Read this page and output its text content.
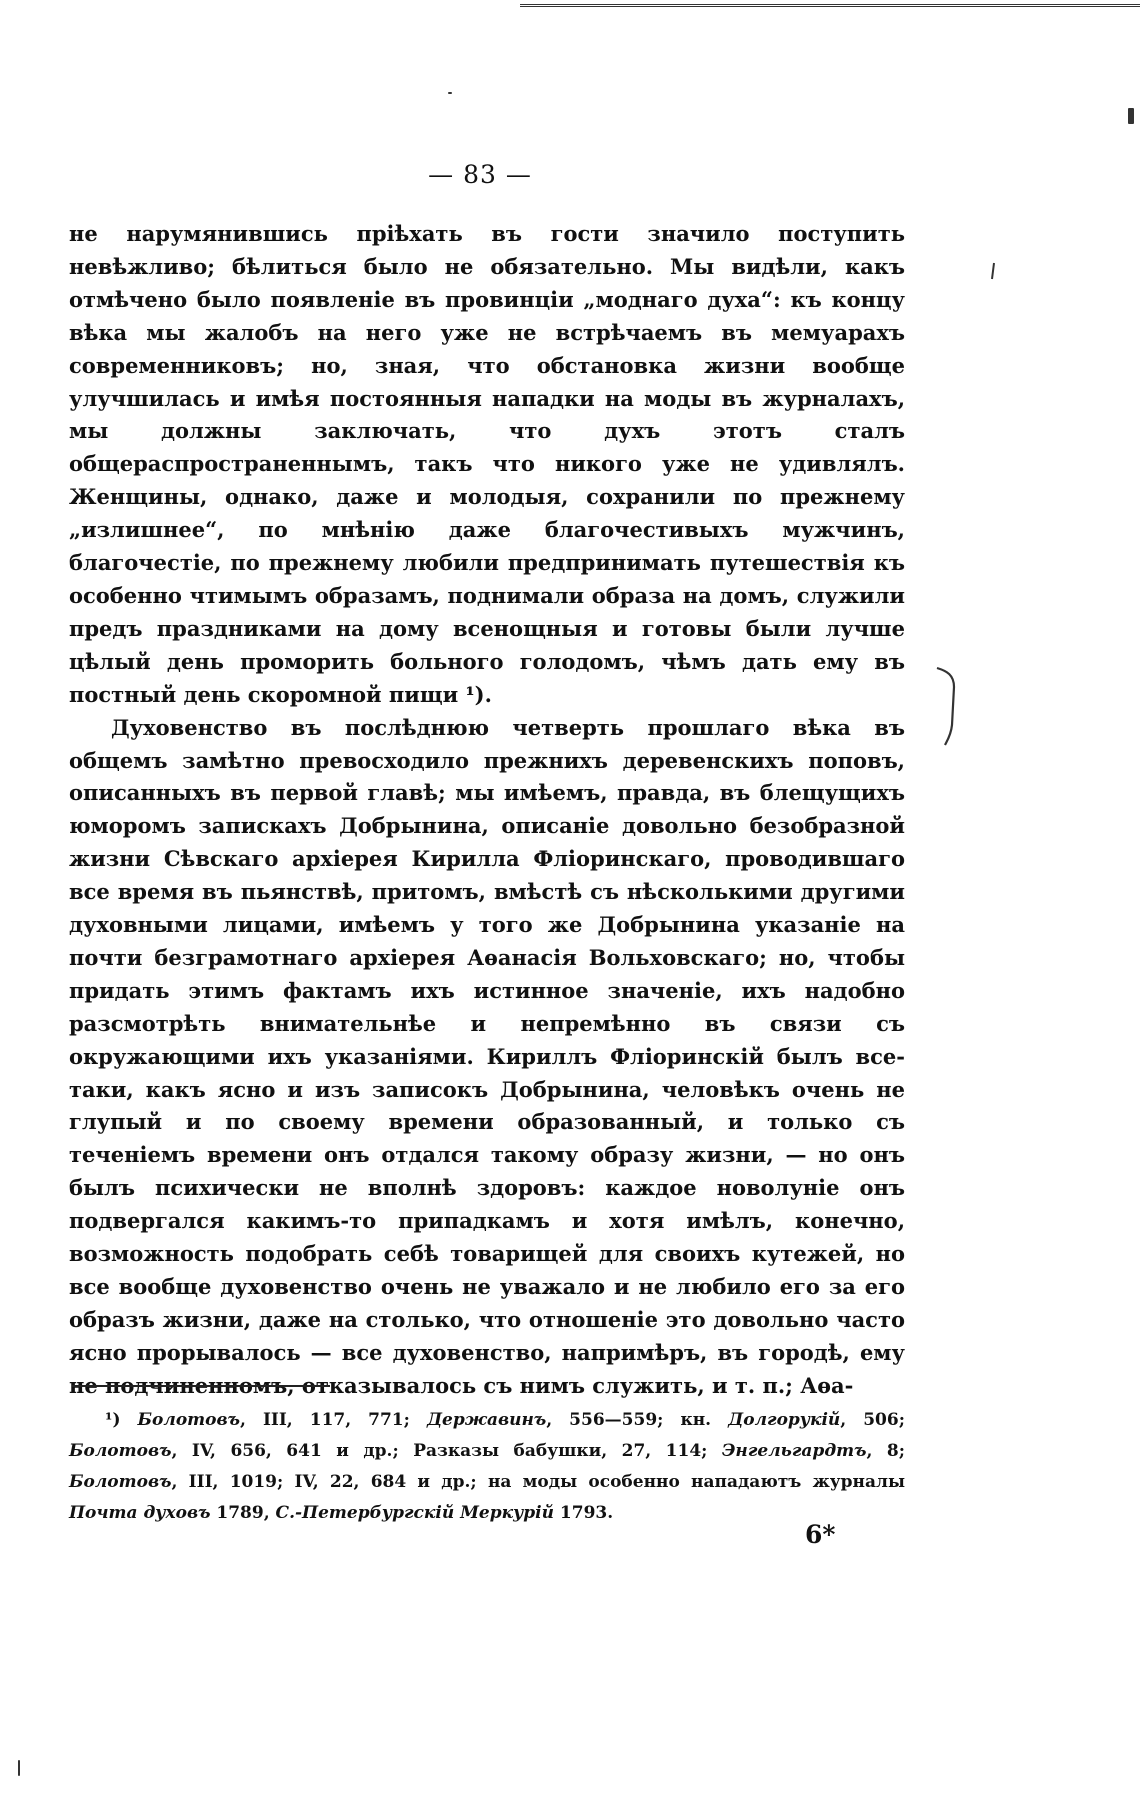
— 83 —

не нарумянившись пріѣхать въ гости значило поступить невѣжливо; бѣлиться было не обязательно. Мы видѣли, какъ отмѣчено было появленіе въ провинціи „моднаго духа“: къ концу вѣка мы жалобъ на него уже не встрѣчаемъ въ мемуарахъ современниковъ; но, зная, что обстановка жизни вообще улучшилась и имѣя постоянныя нападки на моды въ журналахъ, мы должны заключать, что духъ этотъ сталъ общераспространеннымъ, такъ что никого уже не удивлялъ. Женщины, однако, даже и молодыя, сохранили по прежнему „излишнее“, по мнѣнію даже благочестивыхъ мужчинъ, благочестіе, по прежнему любили предпринимать путешествія къ особенно чтимымъ образамъ, поднимали образа на домъ, служили предъ праздниками на дому всенощныя и готовы были лучше цѣлый день проморить больного голодомъ, чѣмъ дать ему въ постный день скоромной пищи ¹).

Духовенство въ послѣднюю четверть прошлаго вѣка въ общемъ замѣтно превосходило прежнихъ деревенскихъ поповъ, описанныхъ въ первой главѣ; мы имѣемъ, правда, въ блещущихъ юморомъ запискахъ Добрынина, описаніе довольно безобразной жизни Сѣвскаго архіерея Кирилла Фліоринскаго, проводившаго все время въ пьянствѣ, притомъ, вмѣстѣ съ нѣсколькими другими духовными лицами, имѣемъ у того же Добрынина указаніе на почти безграмотнаго архіерея Аѳанасія Вольховскаго; но, чтобы придать этимъ фактамъ ихъ истинное значеніе, ихъ надобно разсмотрѣть внимательнѣе и непремѣнно въ связи съ окружающими ихъ указаніями. Кириллъ Фліоринскій былъ все-таки, какъ ясно и изъ записокъ Добрынина, человѣкъ очень не глупый и по своему времени образованный, и только съ теченіемъ времени онъ отдался такому образу жизни, — но онъ былъ психически не вполнѣ здоровъ: каждое новолуніе онъ подвергался какимъ-то припадкамъ и хотя имѣлъ, конечно, возможность подобрать себѣ товарищей для своихъ кутежей, но все вообще духовенство очень не уважало и не любило его за его образъ жизни, даже на столько, что отношеніе это довольно часто ясно прорывалось — все духовенство, напримѣръ, въ городѣ, ему не подчиненномъ, отказывалось съ нимъ служить, и т. п.; Аѳа-

¹) Болотовъ, III, 117, 771; Державинъ, 556—559; кн. Долгорукій, 506; Болотовъ, IV, 656, 641 и др.; Разказы бабушки, 27, 114; Энгельгардтъ, 8; Болотовъ, III, 1019; IV, 22, 684 и др.; на моды особенно нападаютъ журналы Почта духовъ 1789, С.-Петербургскій Меркурій 1793.
6*
